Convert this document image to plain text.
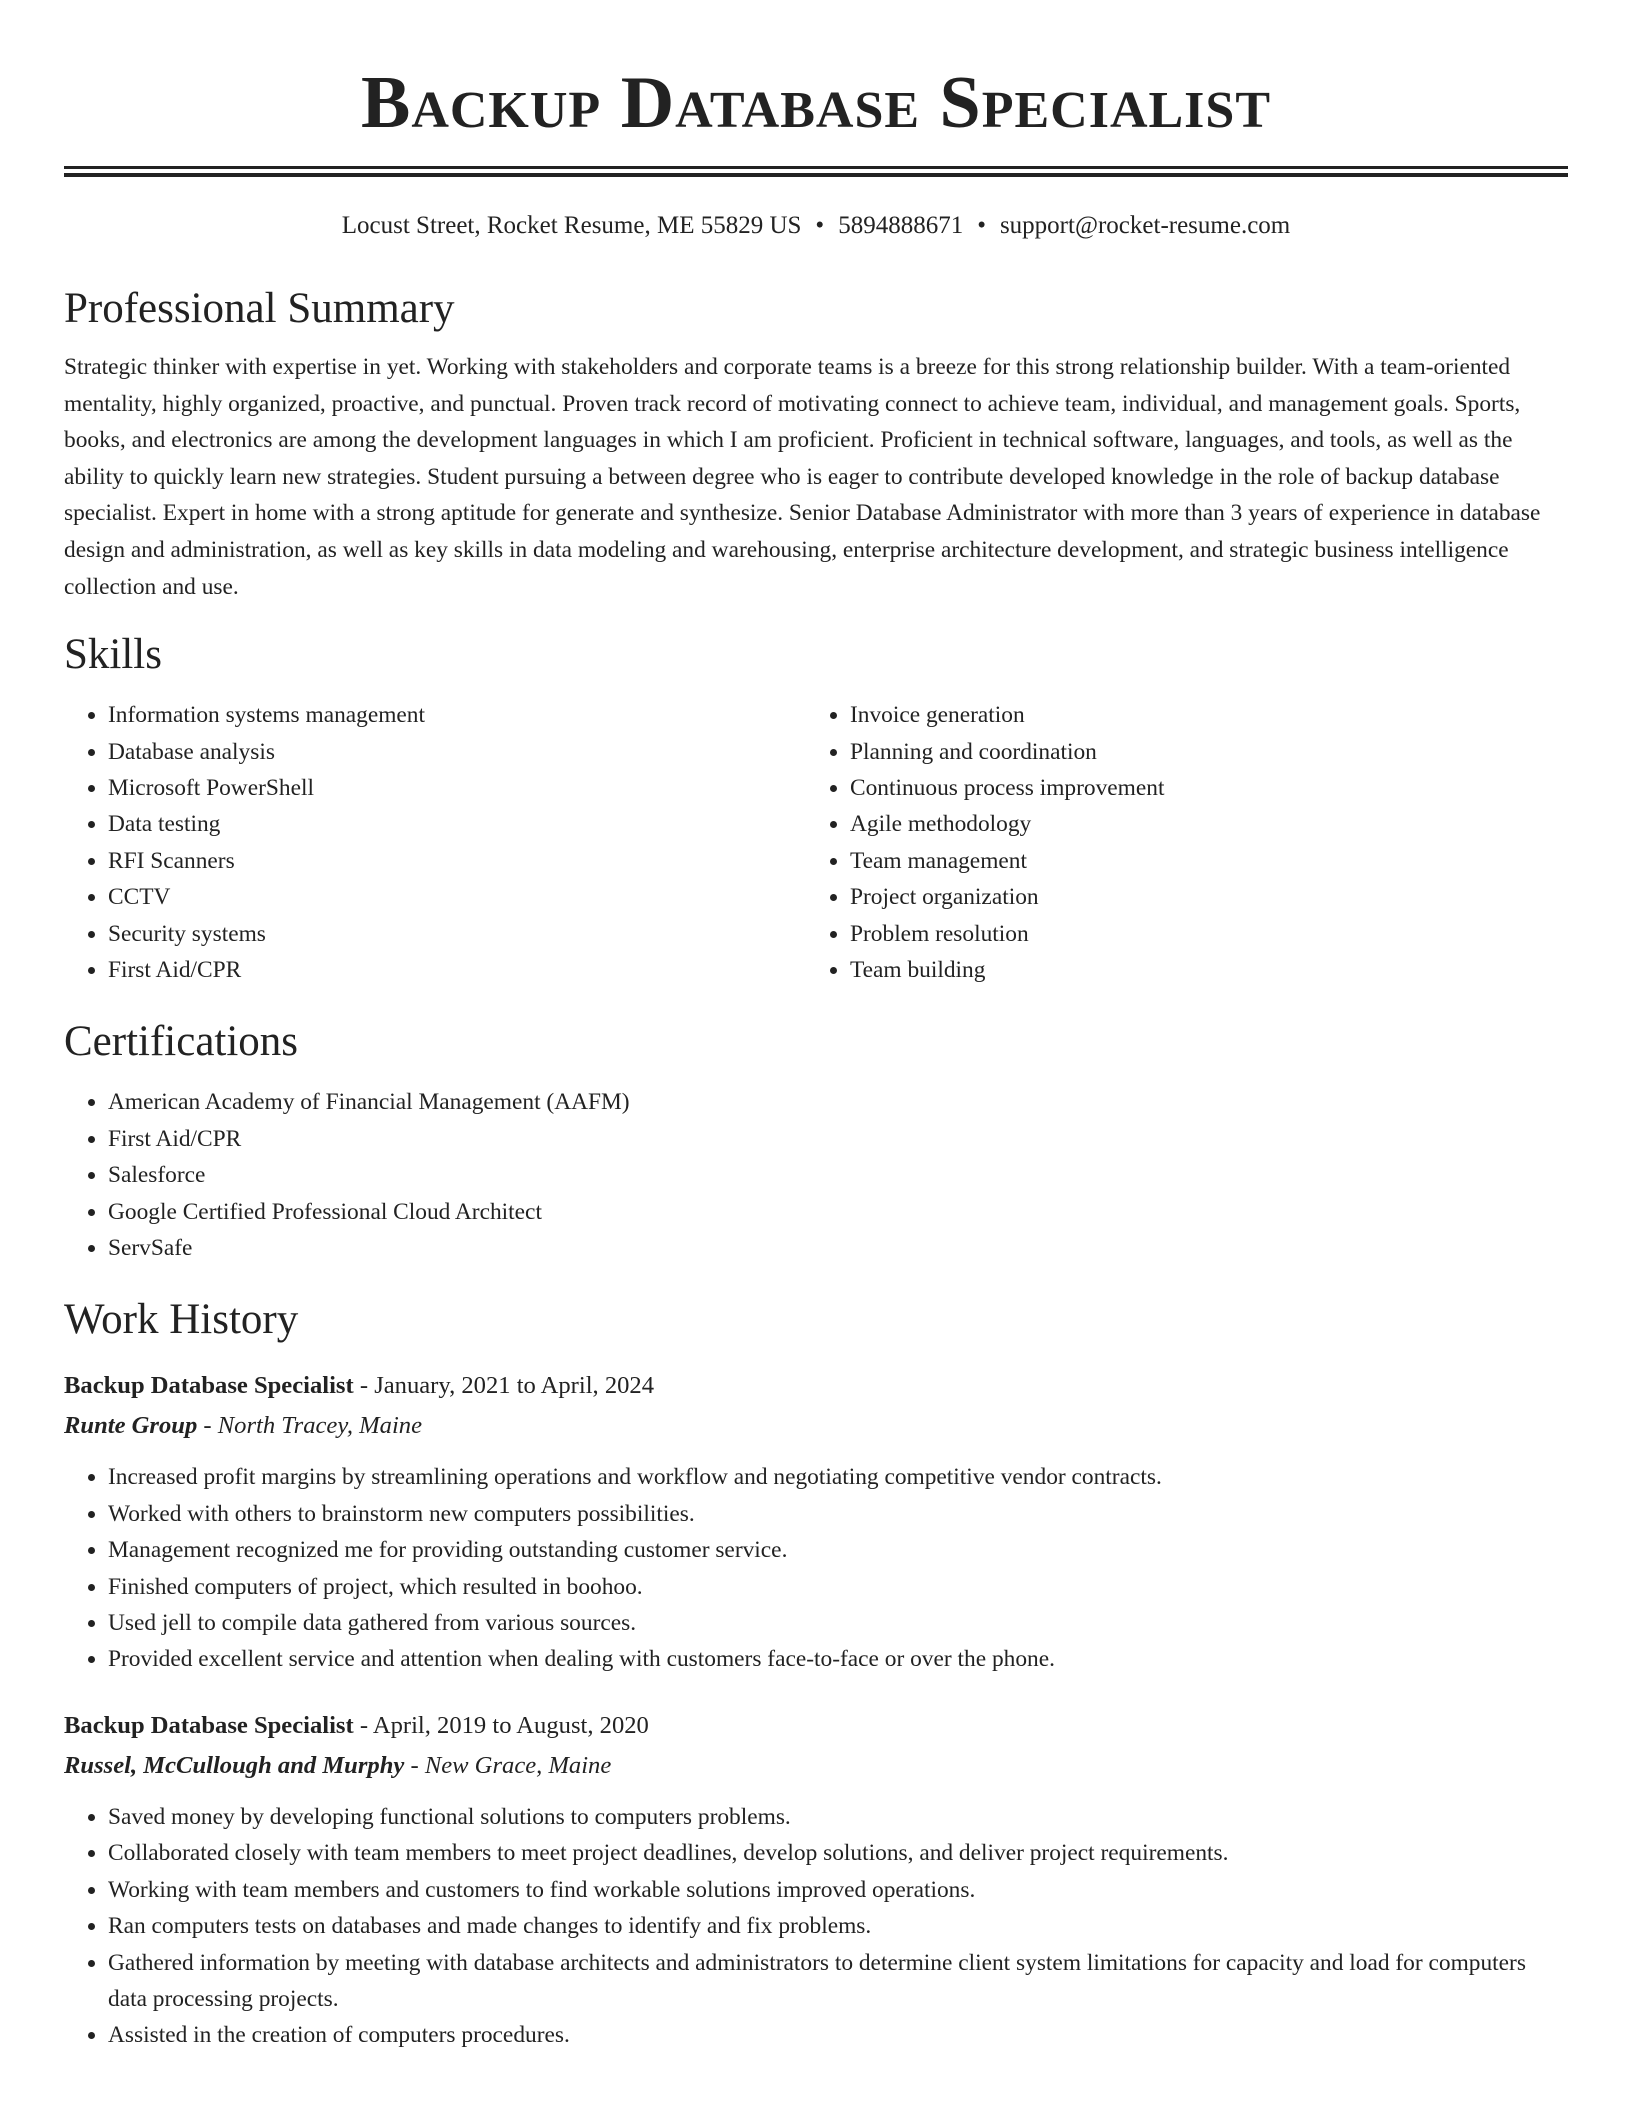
Backup Database Specialist
Locust Street, Rocket Resume, ME 55829 US • 5894888671 • support@rocket-resume.com
Professional Summary

Strategic thinker with expertise in yet. Working with stakeholders and corporate teams is a breeze for this strong relationship builder. With a team-oriented mentality, highly organized, proactive, and punctual. Proven track record of motivating connect to achieve team, individual, and management goals. Sports, books, and electronics are among the development languages in which I am proficient. Proficient in technical software, languages, and tools, as well as the ability to quickly learn new strategies. Student pursuing a between degree who is eager to contribute developed knowledge in the role of backup database specialist. Expert in home with a strong aptitude for generate and synthesize. Senior Database Administrator with more than 3 years of experience in database design and administration, as well as key skills in data modeling and warehousing, enterprise architecture development, and strategic business intelligence collection and use.

Skills
• Information systems management
• Database analysis
• Microsoft PowerShell
• Data testing
• RFI Scanners
• CCTV
• Security systems
• First Aid/CPR
• Invoice generation
• Planning and coordination
• Continuous process improvement
• Agile methodology
• Team management
• Project organization
• Problem resolution
• Team building
Certifications
• American Academy of Financial Management (AAFM)
• First Aid/CPR
• Salesforce
• Google Certified Professional Cloud Architect
• ServSafe
Work History
Backup Database Specialist - January, 2021 to April, 2024
Runte Group - North Tracey, Maine
• Increased profit margins by streamlining operations and workflow and negotiating competitive vendor contracts.
• Worked with others to brainstorm new computers possibilities.
• Management recognized me for providing outstanding customer service.
• Finished computers of project, which resulted in boohoo.
• Used jell to compile data gathered from various sources.
• Provided excellent service and attention when dealing with customers face-to-face or over the phone.
Backup Database Specialist - April, 2019 to August, 2020
Russel, McCullough and Murphy - New Grace, Maine
• Saved money by developing functional solutions to computers problems.
• Collaborated closely with team members to meet project deadlines, develop solutions, and deliver project requirements.
• Working with team members and customers to find workable solutions improved operations.
• Ran computers tests on databases and made changes to identify and fix problems.
• Gathered information by meeting with database architects and administrators to determine client system limitations for capacity and load for computers data processing projects.
• Assisted in the creation of computers procedures.
